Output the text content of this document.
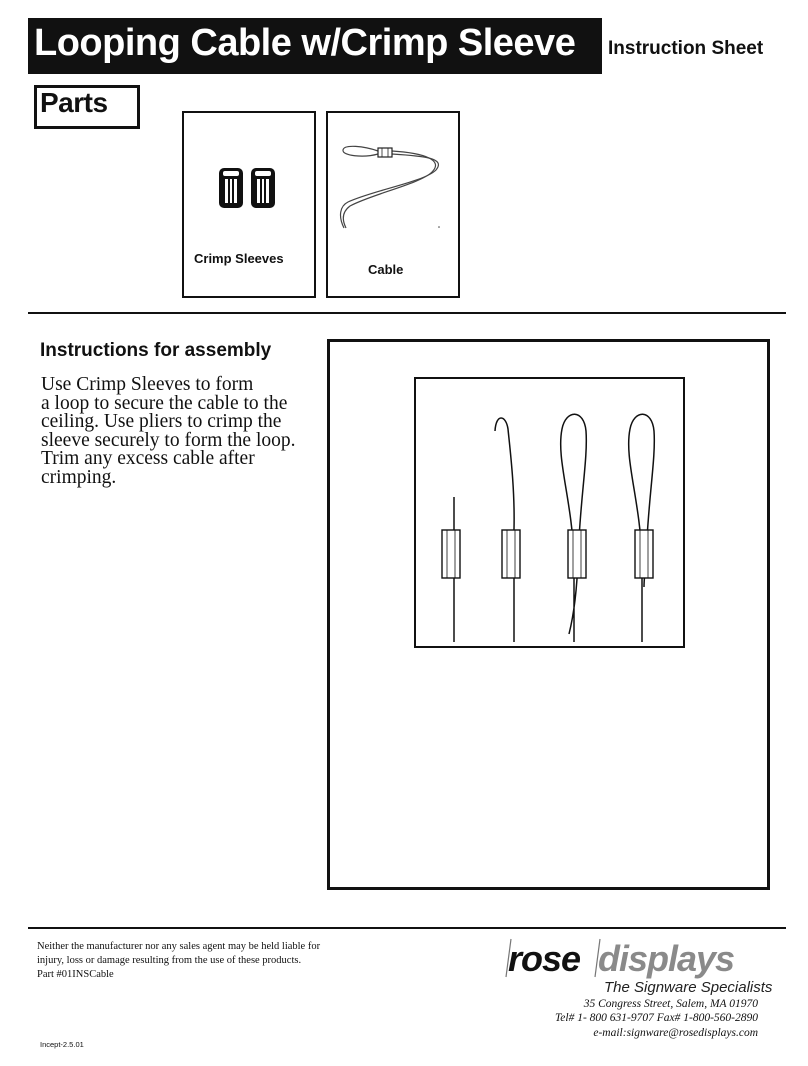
Looping Cable w/Crimp Sleeve Instruction Sheet
Parts
Crimp Sleeves
Cable
Instructions for assembly
Use Crimp Sleeves to form
a loop to secure the cable to the
ceiling. Use pliers to crimp the
sleeve securely to form the loop.
Trim any excess cable after
crimping.
Neither the manufacturer nor any sales agent may be held liable for
injury, loss or damage resulting from the use of these products.
Part #01INSCable
Incept-2.5.01
rose displays
The Signware Specialists
35 Congress Street, Salem, MA 01970
Tel# 1- 800 631-9707 Fax# 1-800-560-2890
e-mail:signware@rosedisplays.com
